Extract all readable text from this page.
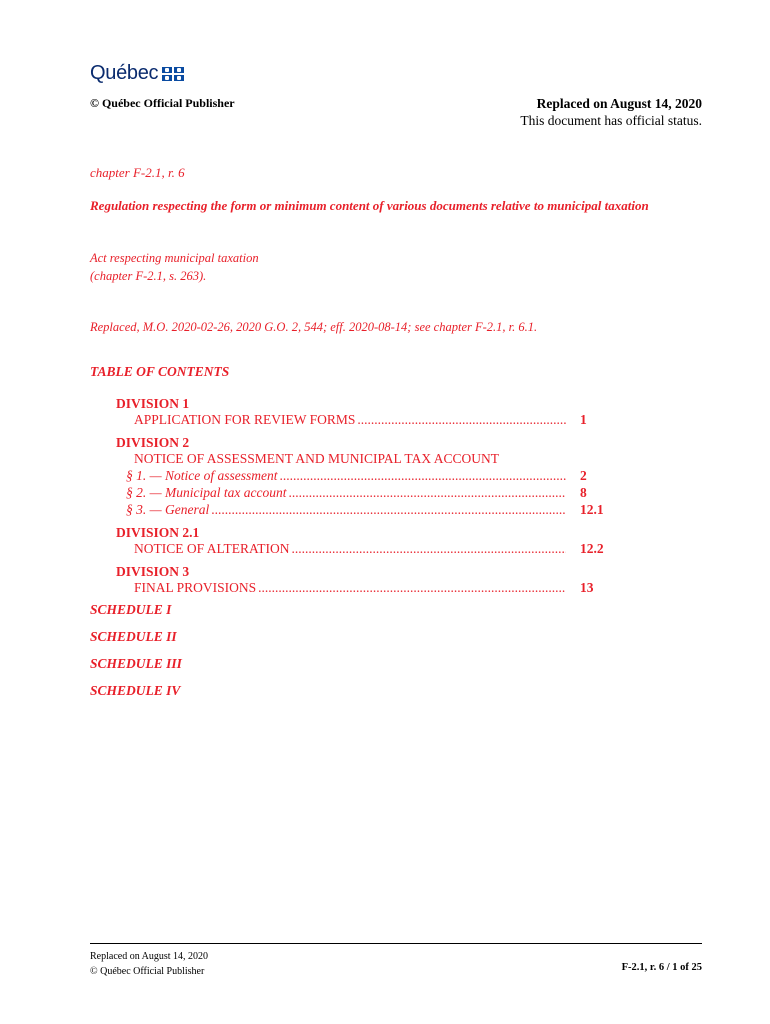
Québec
© Québec Official Publisher	Replaced on August 14, 2020
This document has official status.
chapter F-2.1, r. 6
Regulation respecting the form or minimum content of various documents relative to municipal taxation
Act respecting municipal taxation
(chapter F-2.1, s. 263).
Replaced, M.O. 2020-02-26, 2020 G.O. 2, 544; eff. 2020-08-14; see chapter F-2.1, r. 6.1.
TABLE OF CONTENTS
DIVISION 1
APPLICATION FOR REVIEW FORMS .....	1
DIVISION 2
NOTICE OF ASSESSMENT AND MUNICIPAL TAX ACCOUNT
§ 1. — Notice of assessment .....	2
§ 2. — Municipal tax account .....	8
§ 3. — General .....	12.1
DIVISION 2.1
NOTICE OF ALTERATION .....	12.2
DIVISION 3
FINAL PROVISIONS .....	13
SCHEDULE I
SCHEDULE II
SCHEDULE III
SCHEDULE IV
Replaced on August 14, 2020
© Québec Official Publisher	F-2.1, r. 6 / 1 of 25
